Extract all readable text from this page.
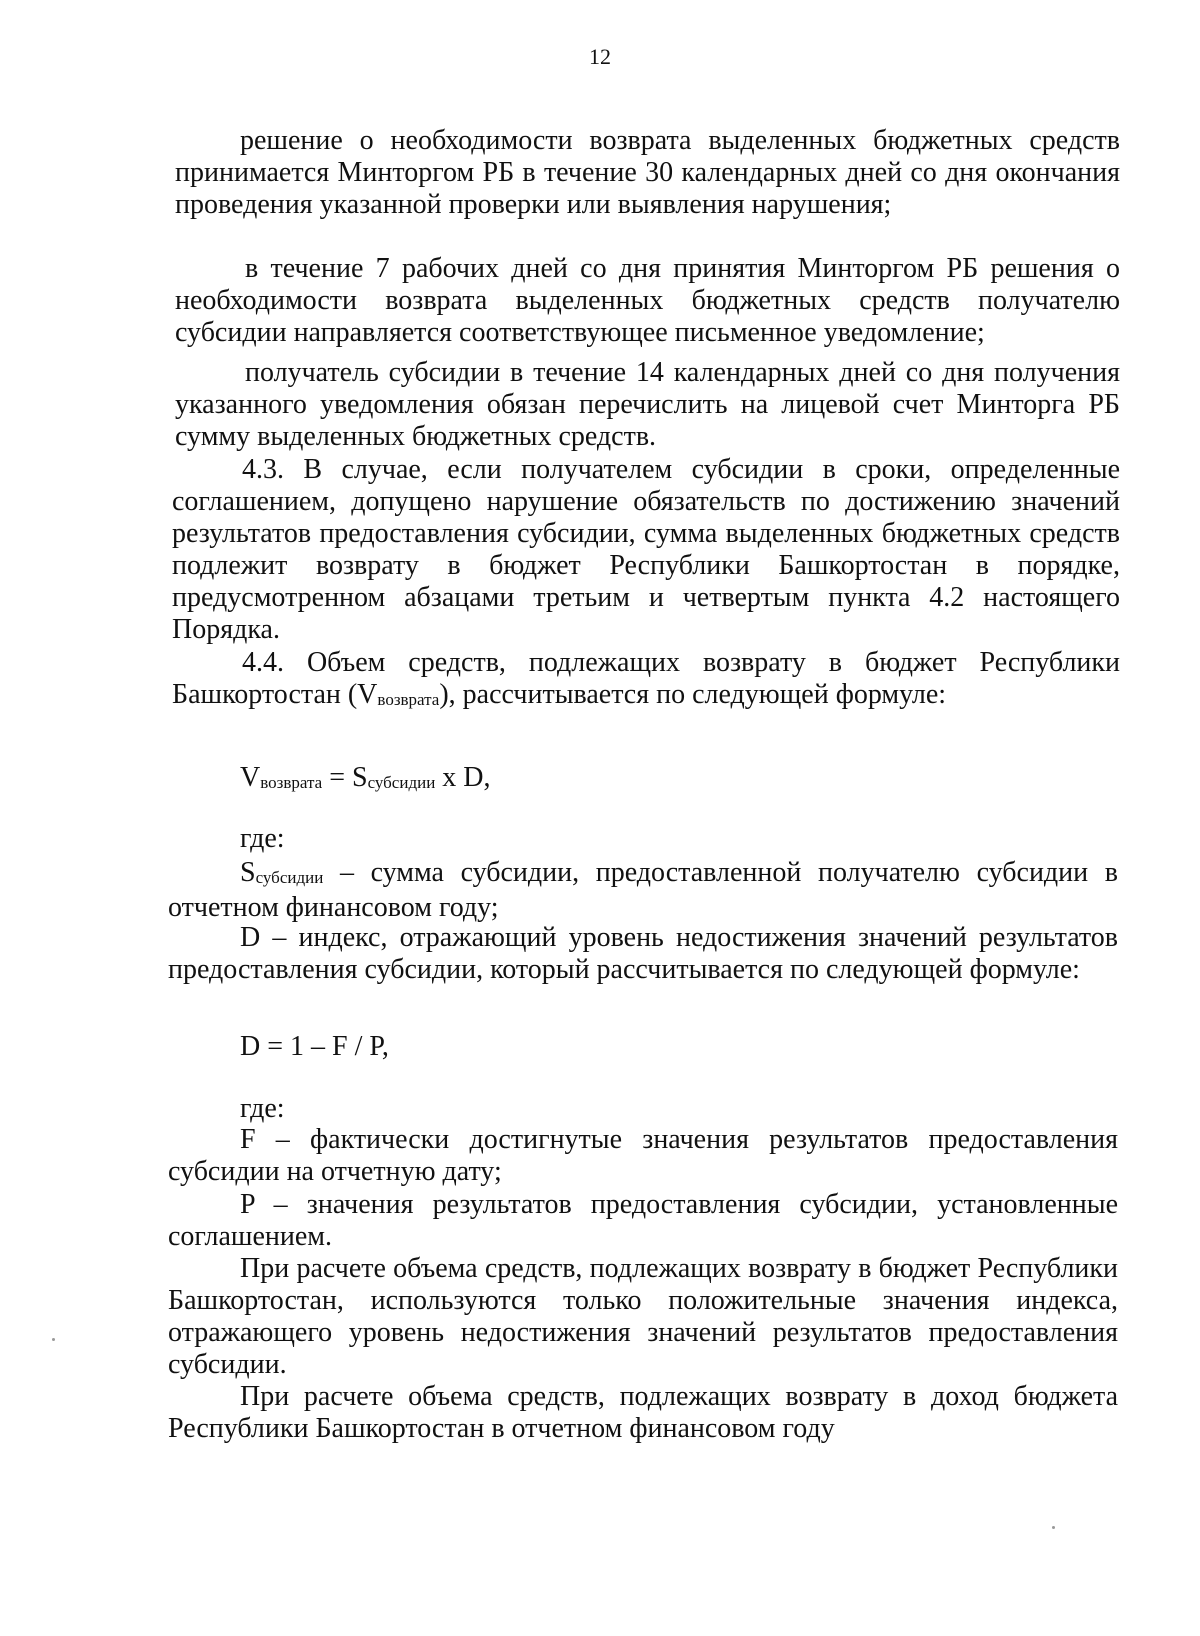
12

решение о необходимости возврата выделенных бюджетных средств принимается Минторгом РБ в течение 30 календарных дней со дня окончания проведения указанной проверки или выявления нарушения;

в течение 7 рабочих дней со дня принятия Минторгом РБ решения о необходимости возврата выделенных бюджетных средств получателю субсидии направляется соответствующее письменное уведомление;

получатель субсидии в течение 14 календарных дней со дня получения указанного уведомления обязан перечислить на лицевой счет Минторга РБ сумму выделенных бюджетных средств.

4.3. В случае, если получателем субсидии в сроки, определенные соглашением, допущено нарушение обязательств по достижению значений результатов предоставления субсидии, сумма выделенных бюджетных средств подлежит возврату в бюджет Республики Башкортостан в порядке, предусмотренном абзацами третьим и четвертым пункта 4.2 настоящего Порядка.

4.4. Объем средств, подлежащих возврату в бюджет Республики Башкортостан (Vвозврата), рассчитывается по следующей формуле:

Vвозврата = Sсубсидии x D,
где:

Sсубсидии – сумма субсидии, предоставленной получателю субсидии в отчетном финансовом году;

D – индекс, отражающий уровень недостижения значений результатов предоставления субсидии, который рассчитывается по следующей формуле:

D = 1 – F / P,
где:

F – фактически достигнутые значения результатов предоставления субсидии на отчетную дату;

P – значения результатов предоставления субсидии, установленные соглашением.

При расчете объема средств, подлежащих возврату в бюджет Республики Башкортостан, используются только положительные значения индекса, отражающего уровень недостижения значений результатов предоставления субсидии.

При расчете объема средств, подлежащих возврату в доход бюджета Республики Башкортостан в отчетном финансовом году
